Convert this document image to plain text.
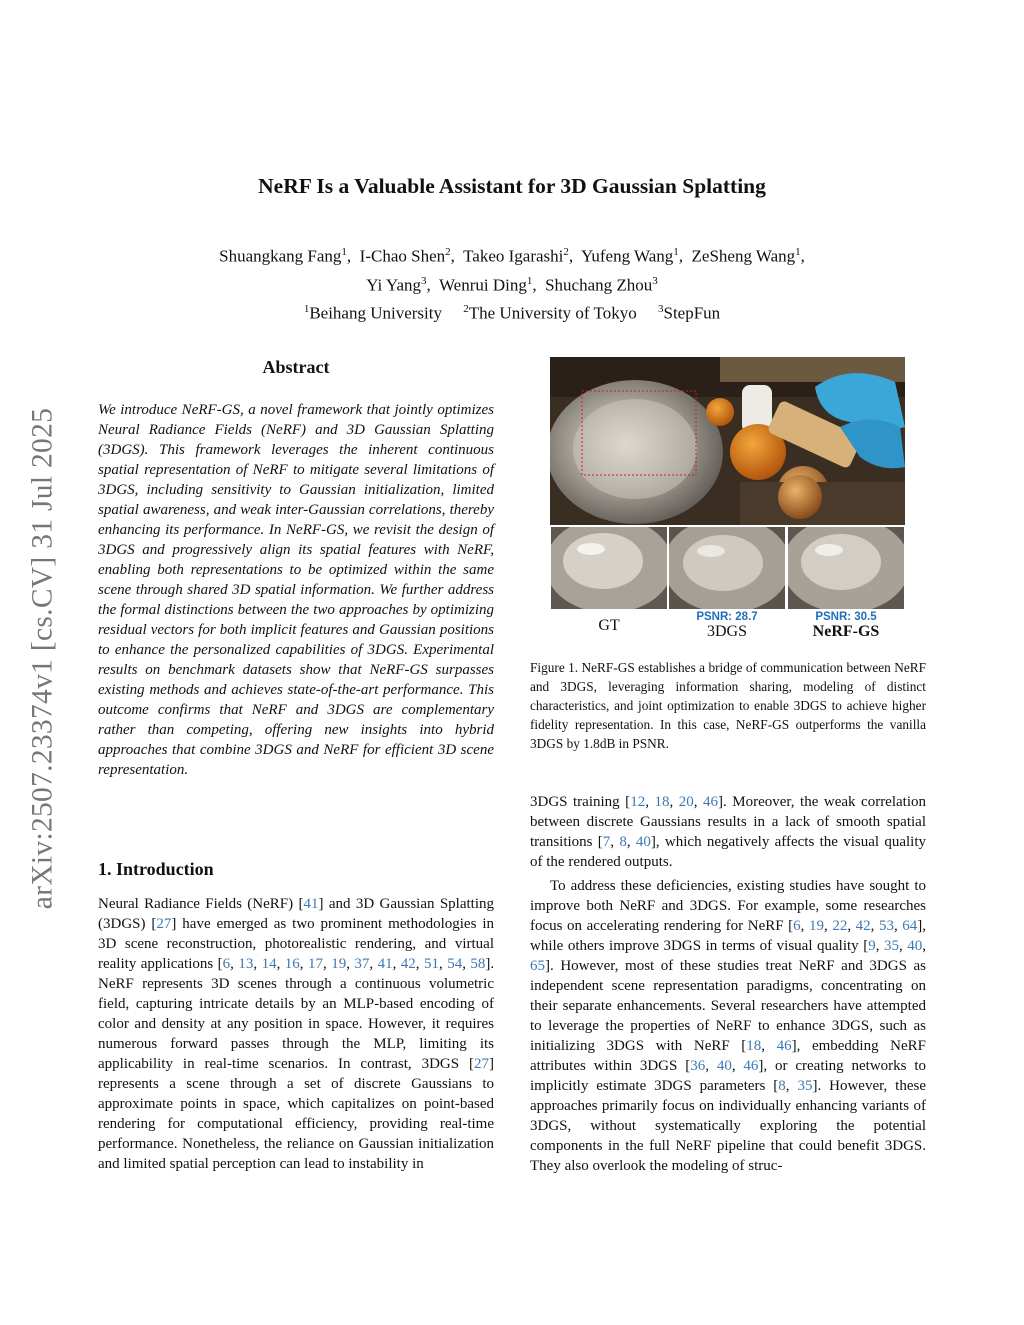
arXiv:2507.23374v1 [cs.CV] 31 Jul 2025
NeRF Is a Valuable Assistant for 3D Gaussian Splatting
Shuangkang Fang$^1$,  I-Chao Shen$^2$,  Takeo Igarashi$^2$,  Yufeng Wang$^1$,  ZeSheng Wang$^1$,
Yi Yang$^3$,  Wenrui Ding$^1$,  Shuchang Zhou$^3$
$^1$Beihang University $^2$The University of Tokyo $^3$StepFun
Abstract

We introduce NeRF-GS, a novel framework that jointly optimizes Neural Radiance Fields (NeRF) and 3D Gaussian Splatting (3DGS). This framework leverages the inherent continuous spatial representation of NeRF to mitigate several limitations of 3DGS, including sensitivity to Gaussian initialization, limited spatial awareness, and weak inter-Gaussian correlations, thereby enhancing its performance. In NeRF-GS, we revisit the design of 3DGS and progressively align its spatial features with NeRF, enabling both representations to be optimized within the same scene through shared 3D spatial information. We further address the formal distinctions between the two approaches by optimizing residual vectors for both implicit features and Gaussian positions to enhance the personalized capabilities of 3DGS. Experimental results on benchmark datasets show that NeRF-GS surpasses existing methods and achieves state-of-the-art performance. This outcome confirms that NeRF and 3DGS are complementary rather than competing, offering new insights into hybrid approaches that combine 3DGS and NeRF for efficient 3D scene representation.

1. Introduction

Neural Radiance Fields (NeRF) [41] and 3D Gaussian Splatting (3DGS) [27] have emerged as two prominent methodologies in 3D scene reconstruction, photorealistic rendering, and virtual reality applications [6, 13, 14, 16, 17, 19, 37, 41, 42, 51, 54, 58]. NeRF represents 3D scenes through a continuous volumetric field, capturing intricate details by an MLP-based encoding of color and density at any position in space. However, it requires numerous forward passes through the MLP, limiting its applicability in real-time scenarios. In contrast, 3DGS [27] represents a scene through a set of discrete Gaussians to approximate points in space, which capitalizes on point-based rendering for computational efficiency, providing real-time performance. Nonetheless, the reliance on Gaussian initialization and limited spatial perception can lead to instability in

PSNR: 28.7	PSNR: 30.5
GT	3DGS	NeRF-GS

Figure 1. NeRF-GS establishes a bridge of communication between NeRF and 3DGS, leveraging information sharing, modeling of distinct characteristics, and joint optimization to enable 3DGS to achieve higher fidelity representation. In this case, NeRF-GS outperforms the vanilla 3DGS by 1.8dB in PSNR.

3DGS training [12, 18, 20, 46]. Moreover, the weak correlation between discrete Gaussians results in a lack of smooth spatial transitions [7, 8, 40], which negatively affects the visual quality of the rendered outputs.

To address these deficiencies, existing studies have sought to improve both NeRF and 3DGS. For example, some researches focus on accelerating rendering for NeRF [6, 19, 22, 42, 53, 64], while others improve 3DGS in terms of visual quality [9, 35, 40, 65]. However, most of these studies treat NeRF and 3DGS as independent scene representation paradigms, concentrating on their separate enhancements. Several researchers have attempted to leverage the properties of NeRF to enhance 3DGS, such as initializing 3DGS with NeRF [18, 46], embedding NeRF attributes within 3DGS [36, 40, 46], or creating networks to implicitly estimate 3DGS parameters [8, 35]. However, these approaches primarily focus on individually enhancing variants of 3DGS, without systematically exploring the potential components in the full NeRF pipeline that could benefit 3DGS. They also overlook the modeling of struc-
